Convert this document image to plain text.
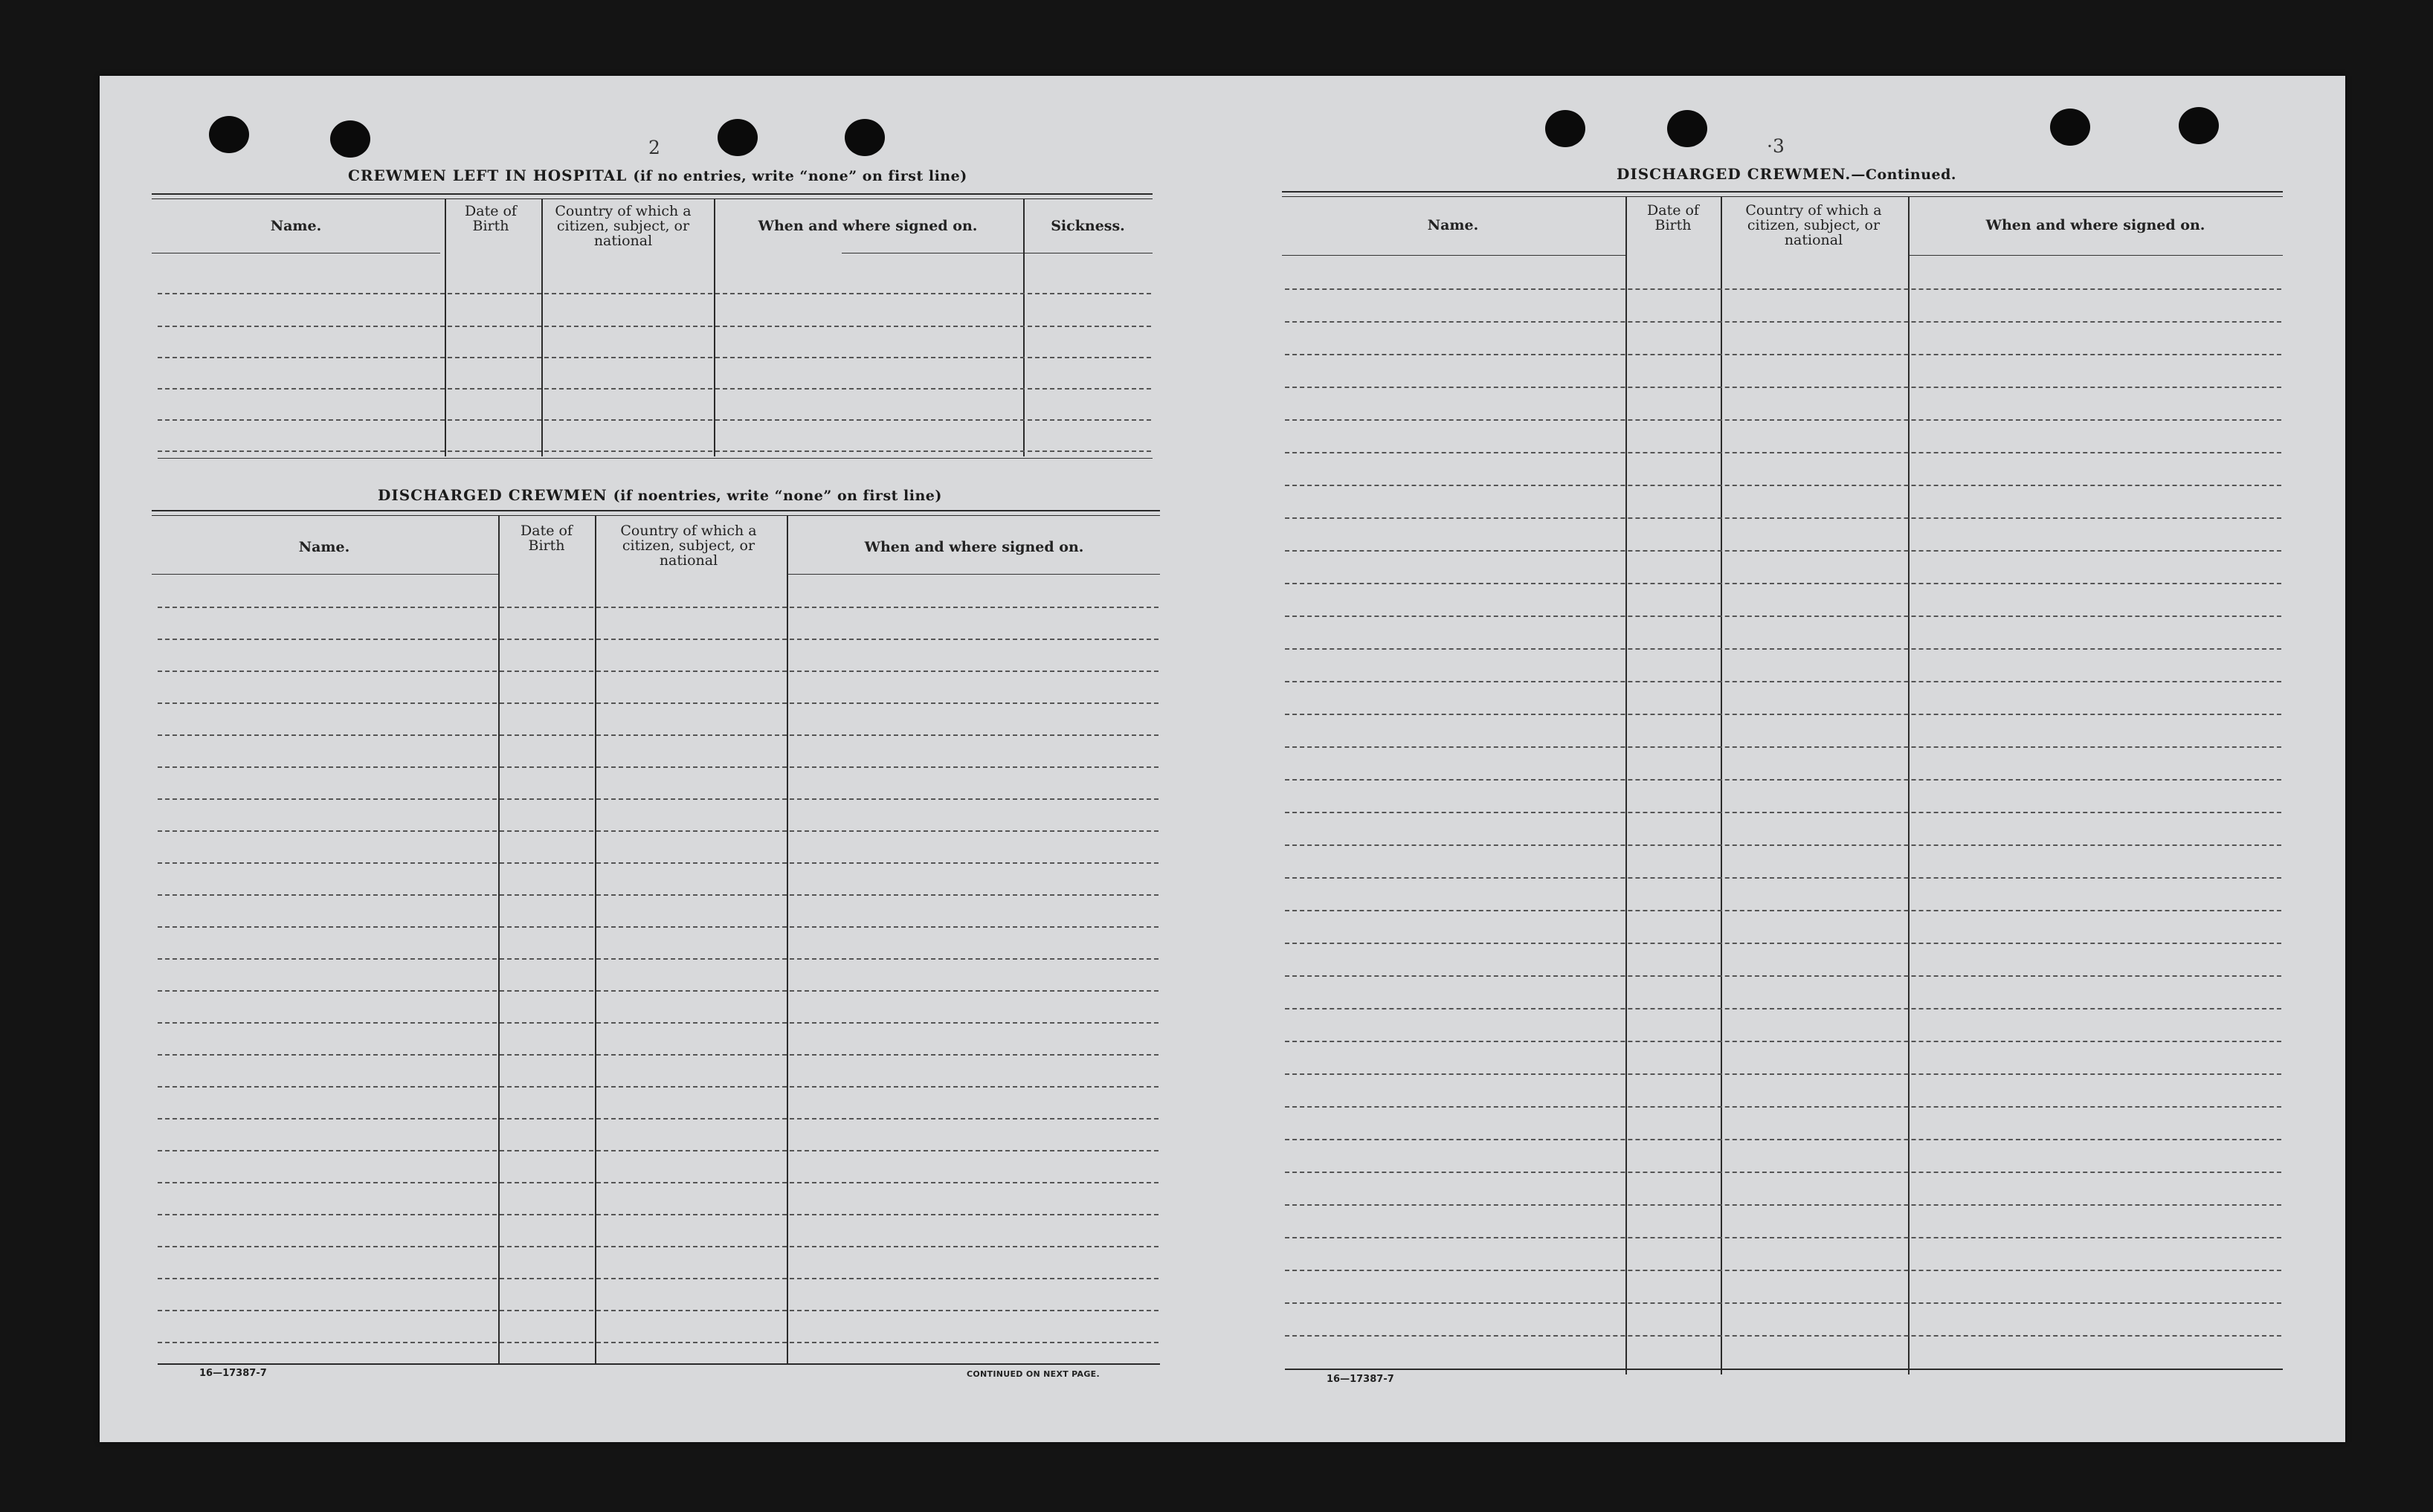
2
CREWMEN LEFT IN HOSPITAL (if no entries, write “none” on first line)
Name.
Date of Birth
Country of which a citizen, subject, or national
When and where signed on.	Sickness.
DISCHARGED CREWMEN (if noentries, write “none” on first line)
Name.
Date of Birth
Country of which a citizen, subject, or national
When and where signed on.
16—17387-7	CONTINUED ON NEXT PAGE.
·3
DISCHARGED CREWMEN.—Continued.
Name.
Date of Birth
Country of which a citizen, subject, or national
When and where signed on.
16—17387-7
